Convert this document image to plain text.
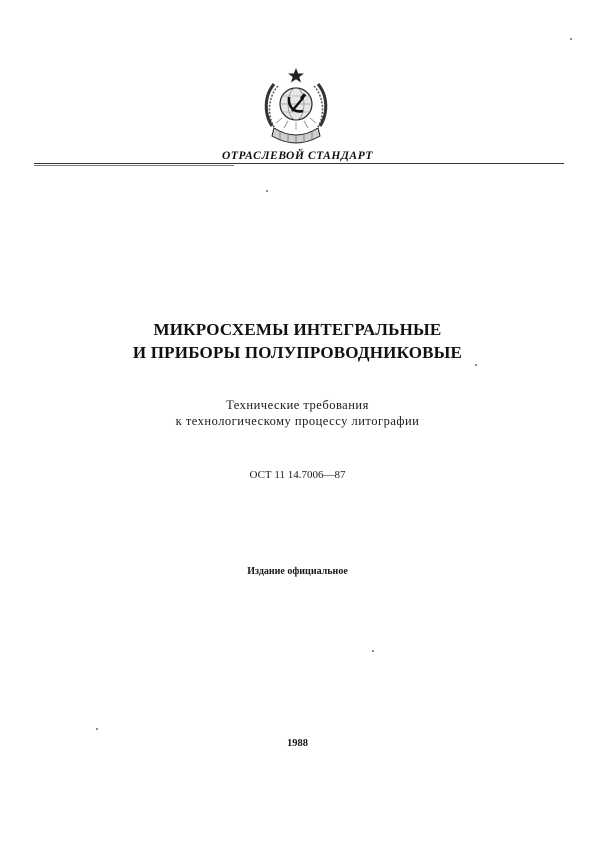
ОТРАСЛЕВОЙ СТАНДАРТ
МИКРОСХЕМЫ ИНТЕГРАЛЬНЫЕ
И ПРИБОРЫ ПОЛУПРОВОДНИКОВЫЕ
Технические требования
к технологическому процессу литографии
ОСТ 11 14.7006—87
Издание официальное
1988
